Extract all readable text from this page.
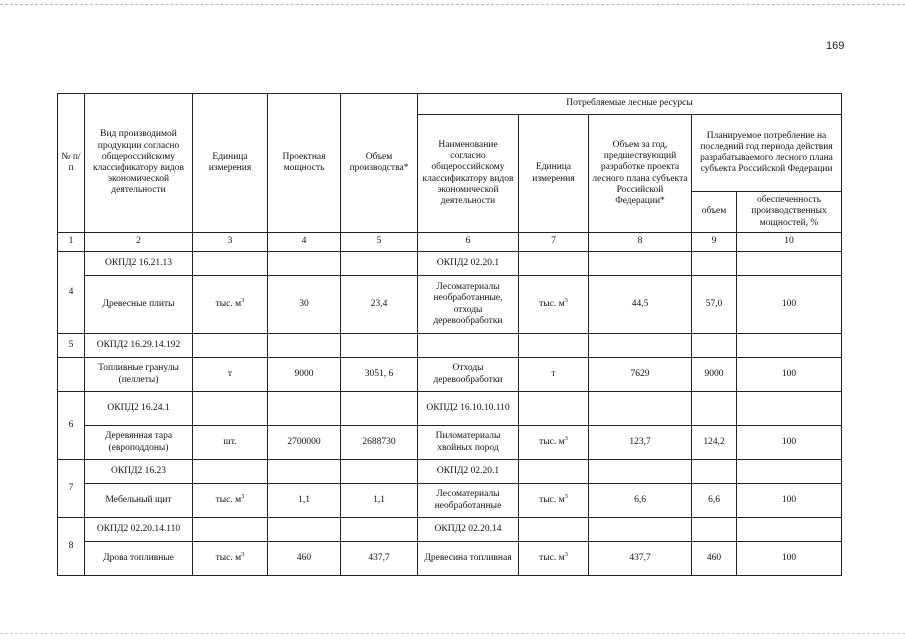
169
№ п/п	Вид производимой продукции согласно общероссийскому классификатору видов экономической деятельности	Единица измерения	Проектная мощность	Объем производства*	Потребляемые лесные ресурсы				
					Наименование согласно общероссийскому классификатору видов экономической деятельности	Единица измерения	Объем за год, предшествующий разработке проекта лесного плана субъекта Российской Федерации*	Планируемое потребление на последний год периода действия разрабатываемого лесного плана субъекта Российской Федерации	
								объем	обеспеченность производственных мощностей, %
1	2	3	4	5	6	7	8	9	10
4	ОКПД2 16.21.13				ОКПД2 02.20.1				
	Древесные плиты	тыс. $м^3$	30	23,4	Лесоматериалы необработанные, отходы деревообработки	тыс. $м^3$	44,5	57,0	100
5	ОКПД2 16.29.14.192								
	Топливные гранулы (пеллеты)	т	9000	3051, 6	Отходы деревообработки	т	7629	9000	100
6	ОКПД2 16.24.1				ОКПД2 16.10.10.110				
	Деревянная тара (европоддоны)	шт.	2700000	2688730	Пиломатериалы хвойных пород	тыс. $м^3$	123,7	124,2	100
7	ОКПД2 16.23				ОКПД2 02.20.1				
	Мебельный щит	тыс. $м^3$	1,1	1,1	Лесоматериалы необработанные	тыс. $м^3$	6,6	6,6	100
8	ОКПД2 02.20.14.110				ОКПД2 02.20.14				
	Дрова топливные	тыс. $м^3$	460	437,7	Древесина топливная	тыс. $м^3$	437,7	460	100
